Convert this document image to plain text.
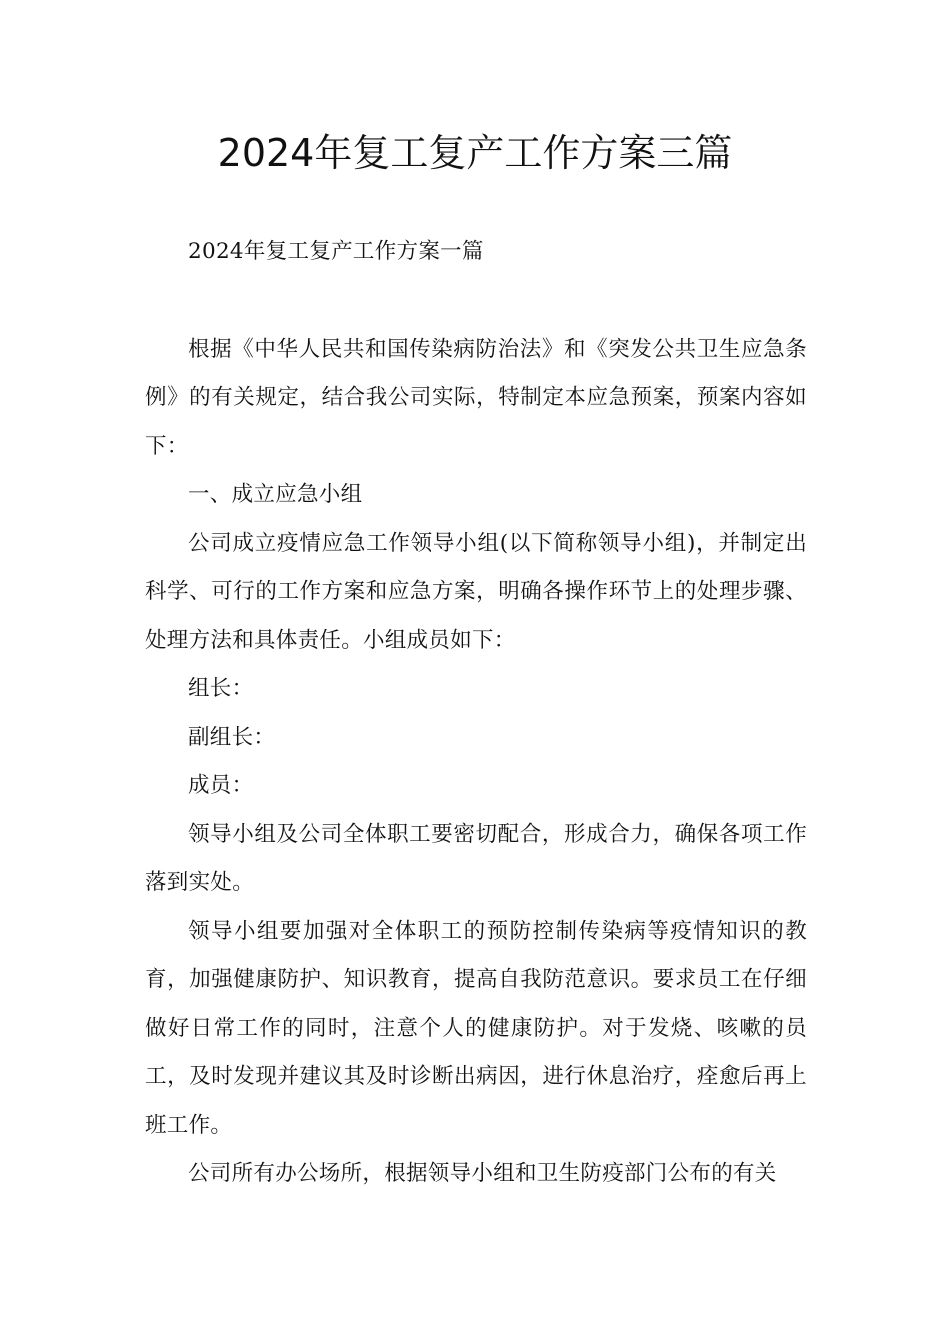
2024年复工复产工作方案三篇

2024年复工复产工作方案一篇

根据《中华人民共和国传染病防治法》和《突发公共卫生应急条例》的有关规定，结合我公司实际，特制定本应急预案，预案内容如下：

一、成立应急小组

公司成立疫情应急工作领导小组(以下简称领导小组)，并制定出科学、可行的工作方案和应急方案，明确各操作环节上的处理步骤、处理方法和具体责任。小组成员如下：

组长：

副组长：

成员：

领导小组及公司全体职工要密切配合，形成合力，确保各项工作落到实处。

领导小组要加强对全体职工的预防控制传染病等疫情知识的教育，加强健康防护、知识教育，提高自我防范意识。要求员工在仔细做好日常工作的同时，注意个人的健康防护。对于发烧、咳嗽的员工，及时发现并建议其及时诊断出病因，进行休息治疗，痊愈后再上班工作。

公司所有办公场所，根据领导小组和卫生防疫部门公布的有关
